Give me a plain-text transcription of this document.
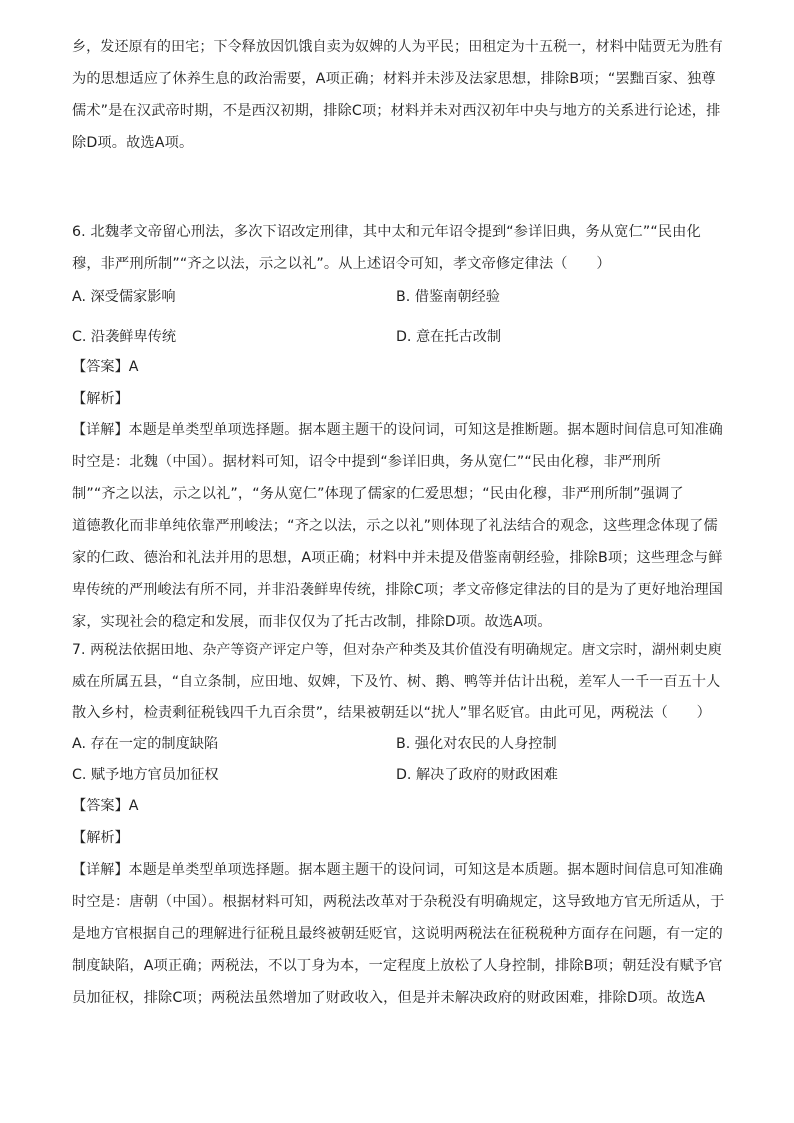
乡，发还原有的田宅；下令释放因饥饿自卖为奴婢的人为平民；田租定为十五税一，材料中陆贾无为胜有
为的思想适应了休养生息的政治需要，A项正确；材料并未涉及法家思想，排除B项；“罢黜百家、独尊
儒术”是在汉武帝时期，不是西汉初期，排除C项；材料并未对西汉初年中央与地方的关系进行论述，排
除D项。故选A项。
6. 北魏孝文帝留心刑法，多次下诏改定刑律，其中太和元年诏令提到“参详旧典，务从宽仁”“民由化
穆，非严刑所制”“齐之以法，示之以礼”。从上述诏令可知，孝文帝修定律法（　　）
A. 深受儒家影响	B. 借鉴南朝经验
C. 沿袭鲜卑传统	D. 意在托古改制
【答案】A
【解析】
【详解】本题是单类型单项选择题。据本题主题干的设问词，可知这是推断题。据本题时间信息可知准确
时空是：北魏（中国）。据材料可知，诏令中提到“参详旧典，务从宽仁”“民由化穆，非严刑所
制”“齐之以法，示之以礼”，“务从宽仁”体现了儒家的仁爱思想；“民由化穆，非严刑所制”强调了
道德教化而非单纯依靠严刑峻法；“齐之以法，示之以礼”则体现了礼法结合的观念，这些理念体现了儒
家的仁政、德治和礼法并用的思想，A项正确；材料中并未提及借鉴南朝经验，排除B项；这些理念与鲜
卑传统的严刑峻法有所不同，并非沿袭鲜卑传统，排除C项；孝文帝修定律法的目的是为了更好地治理国
家，实现社会的稳定和发展，而非仅仅为了托古改制，排除D项。故选A项。
7. 两税法依据田地、杂产等资产评定户等，但对杂产种类及其价值没有明确规定。唐文宗时，湖州刺史庾
威在所属五县，“自立条制，应田地、奴婢，下及竹、树、鹅、鸭等并估计出税，差军人一千一百五十人
散入乡村，检责剩征税钱四千九百余贯”，结果被朝廷以“扰人”罪名贬官。由此可见，两税法（　　）
A. 存在一定的制度缺陷	B. 强化对农民的人身控制
C. 赋予地方官员加征权	D. 解决了政府的财政困难
【答案】A
【解析】
【详解】本题是单类型单项选择题。据本题主题干的设问词，可知这是本质题。据本题时间信息可知准确
时空是：唐朝（中国）。根据材料可知，两税法改革对于杂税没有明确规定，这导致地方官无所适从，于
是地方官根据自己的理解进行征税且最终被朝廷贬官，这说明两税法在征税税种方面存在问题，有一定的
制度缺陷，A项正确；两税法，不以丁身为本，一定程度上放松了人身控制，排除B项；朝廷没有赋予官
员加征权，排除C项；两税法虽然增加了财政收入，但是并未解决政府的财政困难，排除D项。故选A
